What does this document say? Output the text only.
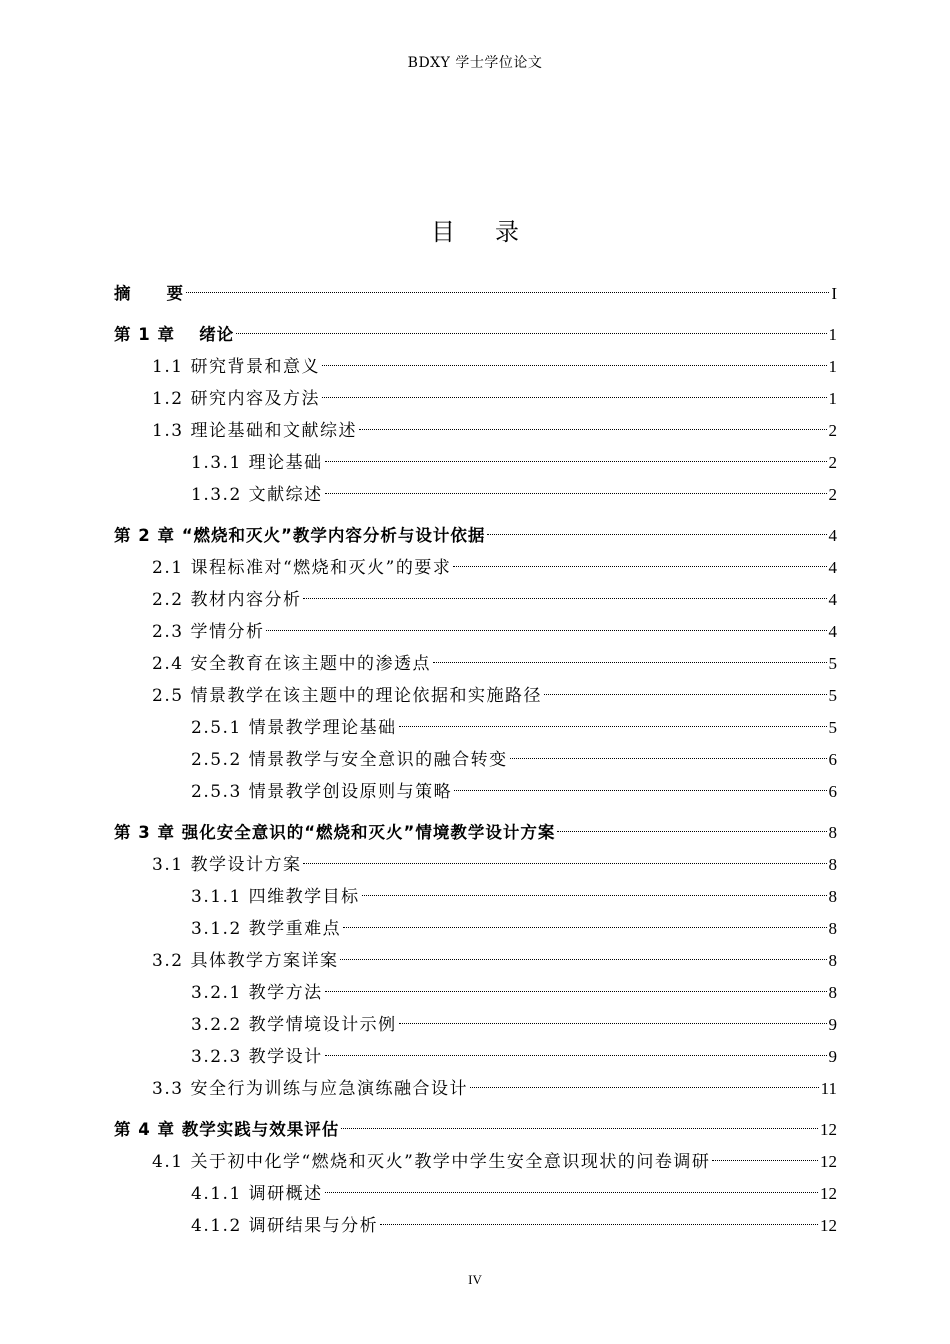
BDXY 学士学位论文
目录
摘　　要	I
第 1 章　 绪论	1
1.1 研究背景和意义	1
1.2 研究内容及方法	1
1.3 理论基础和文献综述	2
1.3.1 理论基础	2
1.3.2 文献综述	2
第 2 章 “燃烧和灭火”教学内容分析与设计依据	4
2.1 课程标准对“燃烧和灭火”的要求	4
2.2 教材内容分析	4
2.3 学情分析	4
2.4 安全教育在该主题中的渗透点	5
2.5 情景教学在该主题中的理论依据和实施路径	5
2.5.1 情景教学理论基础	5
2.5.2 情景教学与安全意识的融合转变	6
2.5.3 情景教学创设原则与策略	6
第 3 章 强化安全意识的“燃烧和灭火”情境教学设计方案	8
3.1 教学设计方案	8
3.1.1 四维教学目标	8
3.1.2 教学重难点	8
3.2 具体教学方案详案	8
3.2.1 教学方法	8
3.2.2 教学情境设计示例	9
3.2.3 教学设计	9
3.3 安全行为训练与应急演练融合设计	11
第 4 章 教学实践与效果评估	12
4.1 关于初中化学“燃烧和灭火”教学中学生安全意识现状的问卷调研	12
4.1.1 调研概述	12
4.1.2 调研结果与分析	12
IV
